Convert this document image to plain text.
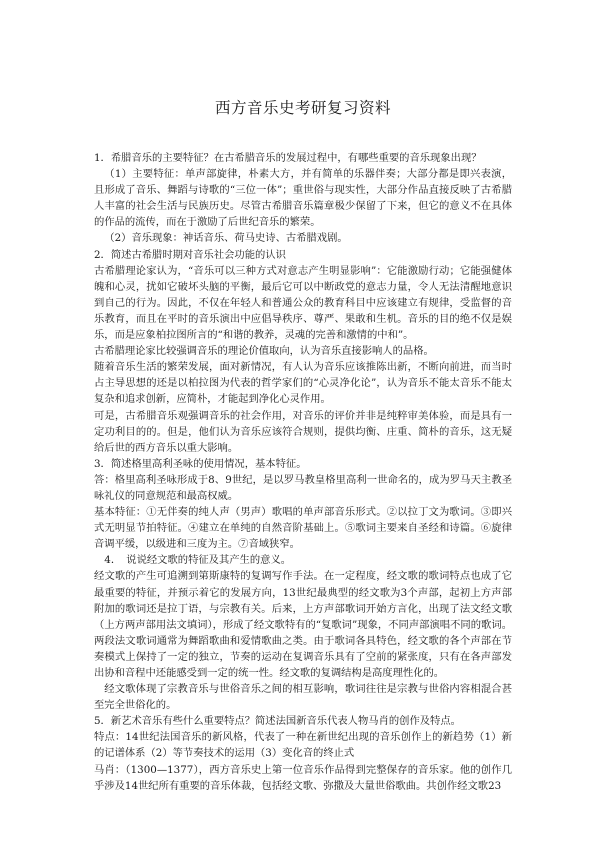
西方音乐史考研复习资料

1．希腊音乐的主要特征？在古希腊音乐的发展过程中，有哪些重要的音乐现象出现？

（1）主要特征：单声部旋律，朴素大方，并有简单的乐器伴奏；大部分都是即兴表演，且形成了音乐、舞蹈与诗歌的“三位一体”；重世俗与现实性，大部分作品直接反映了古希腊人丰富的社会生活与民族历史。尽管古希腊音乐篇章极少保留了下来，但它的意义不在具体的作品的流传，而在于激励了后世纪音乐的繁荣。

（2）音乐现象：神话音乐、荷马史诗、古希腊戏剧。

2．简述古希腊时期对音乐社会功能的认识

古希腊理论家认为，“音乐可以三种方式对意志产生明显影响”：它能激励行动；它能强健体魄和心灵，扰如它破坏头脑的平衡，最后它可以中断政党的意志力量，令人无法清醒地意识到自己的行为。因此，不仅在年轻人和普通公众的教育科目中应该建立有规律，受监督的音乐教育，而且在平时的音乐演出中应倡导秩序、尊严、果敢和生机。音乐的目的绝不仅是娱乐，而是应象柏拉图所言的“和谐的教养，灵魂的完善和激情的中和”。

古希腊理论家比较强调音乐的理论价值取向，认为音乐直接影响人的品格。

随着音乐生活的繁荣发展，面对新情况，有人认为音乐应该推陈出新，不断向前进，而当时占主导思想的还是以柏拉图为代表的哲学家们的“心灵净化论”，认为音乐不能太音乐不能太复杂和追求创新，应简朴，才能起到净化心灵作用。

可是，古希腊音乐观强调音乐的社会作用，对音乐的评价并非是纯粹审美体验，而是具有一定功利目的的。但是，他们认为音乐应该符合规则，提供均衡、庄重、简朴的音乐，这无疑给后世的西方音乐以重大影响。

3．简述格里高利圣咏的使用情况，基本特征。

答：格里高利圣咏形成于8、9世纪，是以罗马教皇格里高利一世命名的，成为罗马天主教圣咏礼仪的同意规范和最高权威。

基本特征：①无伴奏的纯人声（男声）歌唱的单声部音乐形式。②以拉丁文为歌词。③即兴式无明显节拍特征。④建立在单纯的自然音阶基础上。⑤歌词主要来自圣经和诗篇。⑥旋律音调平缓，以级进和三度为主。⑦音域狭窄。

4．　说说经文歌的特征及其产生的意义。

经文歌的产生可追溯到第斯康特的复调写作手法。在一定程度，经文歌的歌词特点也成了它最重要的特征，并预示着它的发展方向，13世纪最典型的经文歌为3个声部，起初上方声部附加的歌词还是拉丁语，与宗教有关。后来，上方声部歌词开始方言化，出现了法文经文歌（上方两声部用法文填词），形成了经文歌特有的“复歌词”现象，不同声部演唱不同的歌词。两段法文歌词通常为舞蹈歌曲和爱情歌曲之类。由于歌词各具特色，经文歌的各个声部在节奏模式上保持了一定的独立，节奏的运动在复调音乐具有了空前的紧张度，只有在各声部发出协和音程中还能感受到一定的统一性。经文歌的复调结构是高度理性化的。

经文歌体现了宗教音乐与世俗音乐之间的相互影响，歌词往往是宗教与世俗内容相混合甚至完全世俗化的。

5．新艺术音乐有些什么重要特点？简述法国新音乐代表人物马肖的创作及特点。

特点：14世纪法国音乐的新风格，代表了一种在新世纪出现的音乐创作上的新趋势（1）新的记谱体系（2）等节奏技术的运用（3）变化音的终止式

马肖：（1300—1377），西方音乐史上第一位音乐作品得到完整保存的音乐家。他的创作几乎涉及14世纪所有重要的音乐体裁，包括经文歌、弥撒及大量世俗歌曲。共创作经文歌23
